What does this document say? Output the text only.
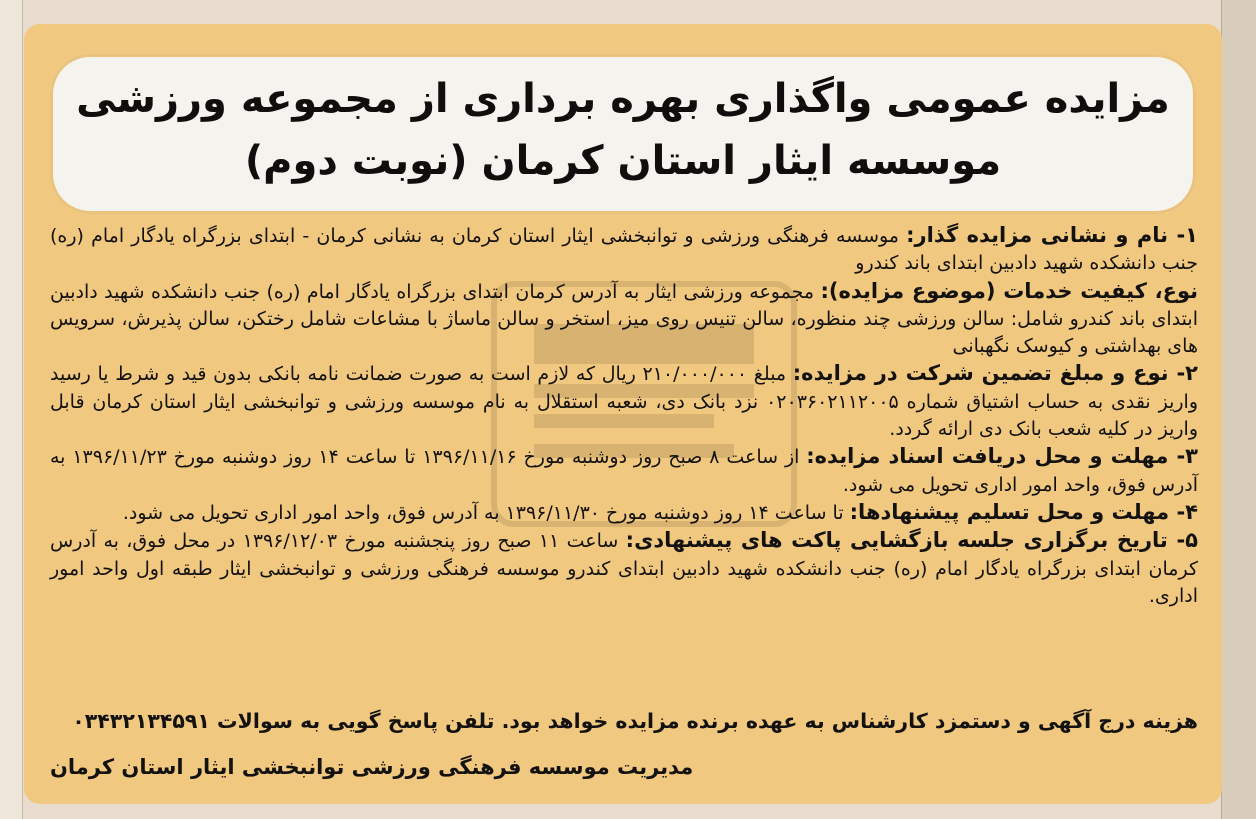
مزایده عمومی واگذاری بهره برداری از مجموعه ورزشی
موسسه ایثار استان کرمان (نوبت دوم)

۱- نام و نشانی مزایده گذار: موسسه فرهنگی ورزشی و توانبخشی ایثار استان کرمان به نشانی کرمان - ابتدای بزرگراه یادگار امام (ره) جنب دانشکده شهید دادبین ابتدای باند کندرو

نوع، کیفیت خدمات (موضوع مزایده): مجموعه ورزشی ایثار به آدرس کرمان ابتدای بزرگراه یادگار امام (ره) جنب دانشکده شهید دادبین ابتدای باند کندرو شامل: سالن ورزشی چند منظوره، سالن تنیس روی میز، استخر و سالن ماساژ با مشاعات شامل رختکن، سالن پذیرش، سرویس های بهداشتی و کیوسک نگهبانی

۲- نوع و مبلغ تضمین شرکت در مزایده: مبلغ ۲۱۰/۰۰۰/۰۰۰ ریال که لازم است به صورت ضمانت نامه بانکی بدون قید و شرط یا رسید واریز نقدی به حساب اشتیاق شماره ۰۲۰۳۶۰۲۱۱۲۰۰۵ نزد بانک دی، شعبه استقلال به نام موسسه ورزشی و توانبخشی ایثار استان کرمان قابل واریز در کلیه شعب بانک دی ارائه گردد.

۳- مهلت و محل دریافت اسناد مزایده: از ساعت ۸ صبح روز دوشنبه مورخ ۱۳۹۶/۱۱/۱۶ تا ساعت ۱۴ روز دوشنبه مورخ ۱۳۹۶/۱۱/۲۳ به آدرس فوق، واحد امور اداری تحویل می شود.

۴- مهلت و محل تسلیم پیشنهادها: تا ساعت ۱۴ روز دوشنبه مورخ ۱۳۹۶/۱۱/۳۰ به آدرس فوق، واحد امور اداری تحویل می شود.

۵- تاریخ برگزاری جلسه بازگشایی پاکت های پیشنهادی: ساعت ۱۱ صبح روز پنجشنبه مورخ ۱۳۹۶/۱۲/۰۳ در محل فوق، به آدرس کرمان ابتدای بزرگراه یادگار امام (ره) جنب دانشکده شهید دادبین ابتدای کندرو موسسه فرهنگی ورزشی و توانبخشی ایثار طبقه اول واحد امور اداری.

هزینه درج آگهی و دستمزد کارشناس به عهده برنده مزایده خواهد بود. تلفن پاسخ گویی به سوالات ۰۳۴۳۲۱۳۴۵۹۱
مدیریت موسسه فرهنگی ورزشی توانبخشی ایثار استان کرمان
